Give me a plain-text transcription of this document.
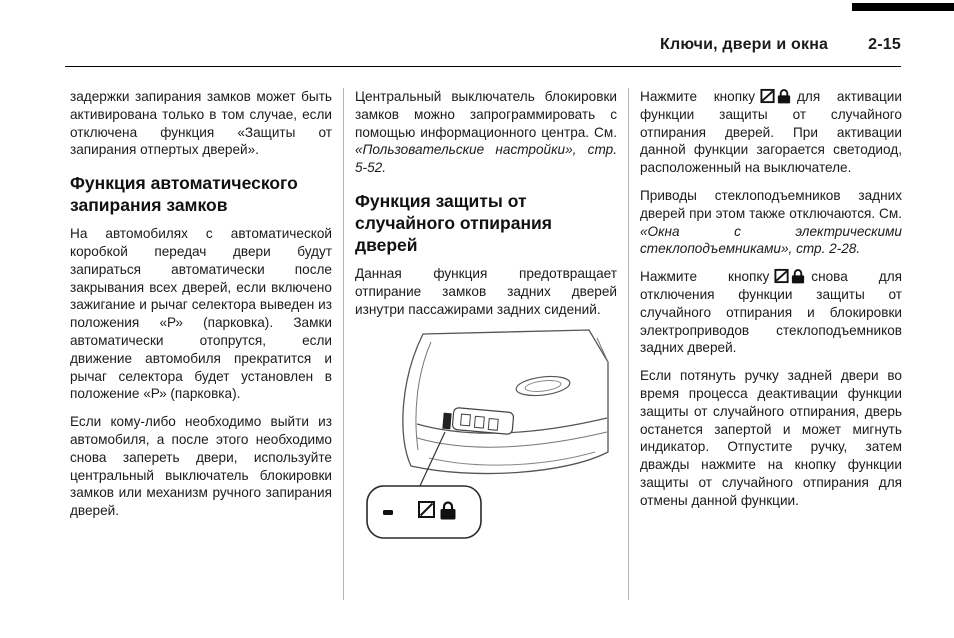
Ключи, двери и окна	2-15

задержки запирания замков может быть активирована только в том случае, если отключена функция «Защиты от запирания отпертых дверей».

Функция автоматического запирания замков

На автомобилях с автоматической коробкой передач двери будут запираться автоматически после закрывания всех дверей, если включено зажигание и рычаг селектора выведен из положения «Р» (парковка). Замки автоматически отопрутся, если движение автомобиля прекратится и рычаг селектора будет установлен в положение «Р» (парковка).

Если кому-либо необходимо выйти из автомобиля, а после этого необходимо снова запереть двери, используйте центральный выключатель блокировки замков или механизм ручного запирания дверей.

Центральный выключатель блокировки замков можно запрограммировать с помощью информационного центра. См. «Пользовательские настройки», стр. 5-52.

Функция защиты от случайного отпирания дверей

Данная функция предотвращает отпирание замков задних дверей изнутри пассажирами задних сидений.

Нажмите кнопку	для активации функции защиты от случайного отпирания дверей. При активации данной функции загорается светодиод, расположенный на выключателе.

Приводы стеклоподъемников задних дверей при этом также отключаются. См. «Окна с электрическими стеклоподъемниками», стр. 2-28.

Нажмите кнопку	снова для отключения функции защиты от случайного отпирания и блокировки электроприводов стеклоподъемников задних дверей.

Если потянуть ручку задней двери во время процесса деактивации функции защиты от случайного отпирания, дверь останется запертой и может мигнуть индикатор. Отпустите ручку, затем дважды нажмите на кнопку функции защиты от случайного отпирания для отмены данной функции.
